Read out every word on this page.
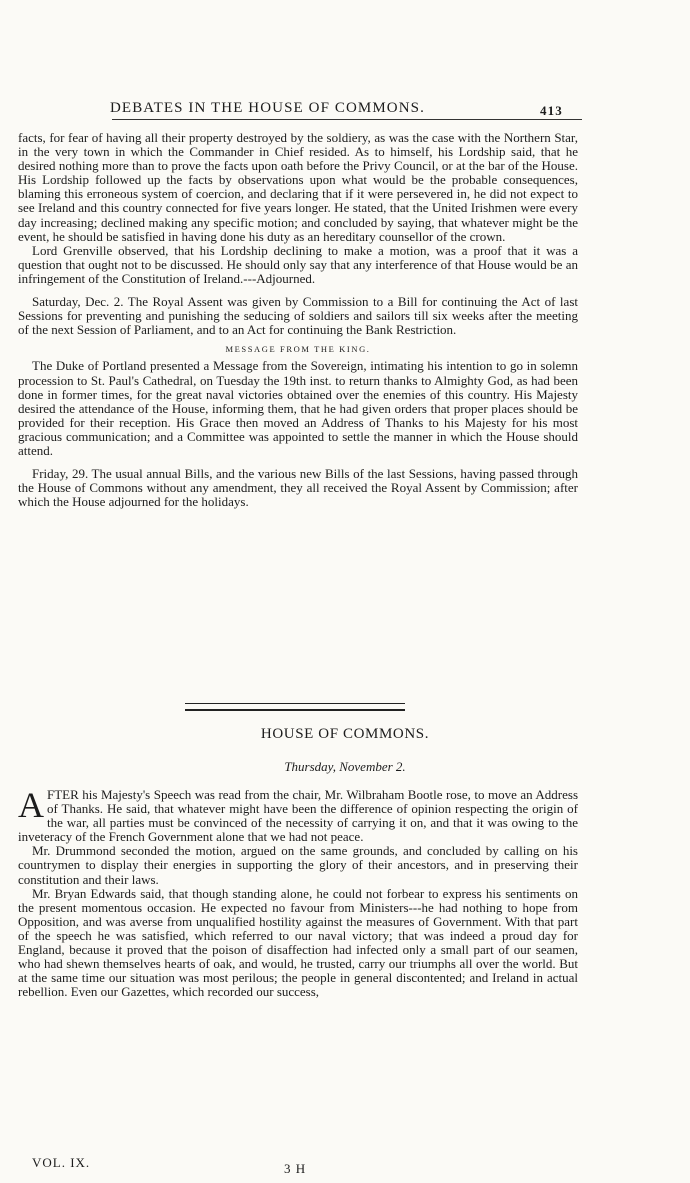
DEBATES IN THE HOUSE OF COMMONS.	413

facts, for fear of having all their property destroyed by the soldiery, as was the case with the Northern Star, in the very town in which the Commander in Chief resided. As to himself, his Lordship said, that he desired nothing more than to prove the facts upon oath before the Privy Council, or at the bar of the House. His Lordship followed up the facts by observations upon what would be the probable consequences, blaming this erroneous system of coercion, and declaring that if it were persevered in, he did not expect to see Ireland and this country connected for five years longer. He stated, that the United Irishmen were every day increasing; declined making any specific motion; and concluded by saying, that whatever might be the event, he should be satisfied in having done his duty as an hereditary counsellor of the crown.

Lord Grenville observed, that his Lordship declining to make a motion, was a proof that it was a question that ought not to be discussed. He should only say that any interference of that House would be an infringement of the Constitution of Ireland.---Adjourned.

Saturday, Dec. 2. The Royal Assent was given by Commission to a Bill for continuing the Act of last Sessions for preventing and punishing the seducing of soldiers and sailors till six weeks after the meeting of the next Session of Parliament, and to an Act for continuing the Bank Restriction.

MESSAGE FROM THE KING.

The Duke of Portland presented a Message from the Sovereign, intimating his intention to go in solemn procession to St. Paul's Cathedral, on Tuesday the 19th inst. to return thanks to Almighty God, as had been done in former times, for the great naval victories obtained over the enemies of this country. His Majesty desired the attendance of the House, informing them, that he had given orders that proper places should be provided for their reception. His Grace then moved an Address of Thanks to his Majesty for his most gracious communication; and a Committee was appointed to settle the manner in which the House should attend.

Friday, 29. The usual annual Bills, and the various new Bills of the last Sessions, having passed through the House of Commons without any amendment, they all received the Royal Assent by Commission; after which the House adjourned for the holidays.

HOUSE OF COMMONS.
Thursday, November 2.

AFTER his Majesty's Speech was read from the chair, Mr. Wilbraham Bootle rose, to move an Address of Thanks. He said, that whatever might have been the difference of opinion respecting the origin of the war, all parties must be convinced of the necessity of carrying it on, and that it was owing to the inveteracy of the French Government alone that we had not peace.

Mr. Drummond seconded the motion, argued on the same grounds, and concluded by calling on his countrymen to display their energies in supporting the glory of their ancestors, and in preserving their constitution and their laws.

Mr. Bryan Edwards said, that though standing alone, he could not forbear to express his sentiments on the present momentous occasion. He expected no favour from Ministers---he had nothing to hope from Opposition, and was averse from unqualified hostility against the measures of Government. With that part of the speech he was satisfied, which referred to our naval victory; that was indeed a proud day for England, because it proved that the poison of disaffection had infected only a small part of our seamen, who had shewn themselves hearts of oak, and would, he trusted, carry our triumphs all over the world. But at the same time our situation was most perilous; the people in general discontented; and Ireland in actual rebellion. Even our Gazettes, which recorded our success,

VOL. IX.	3 H
